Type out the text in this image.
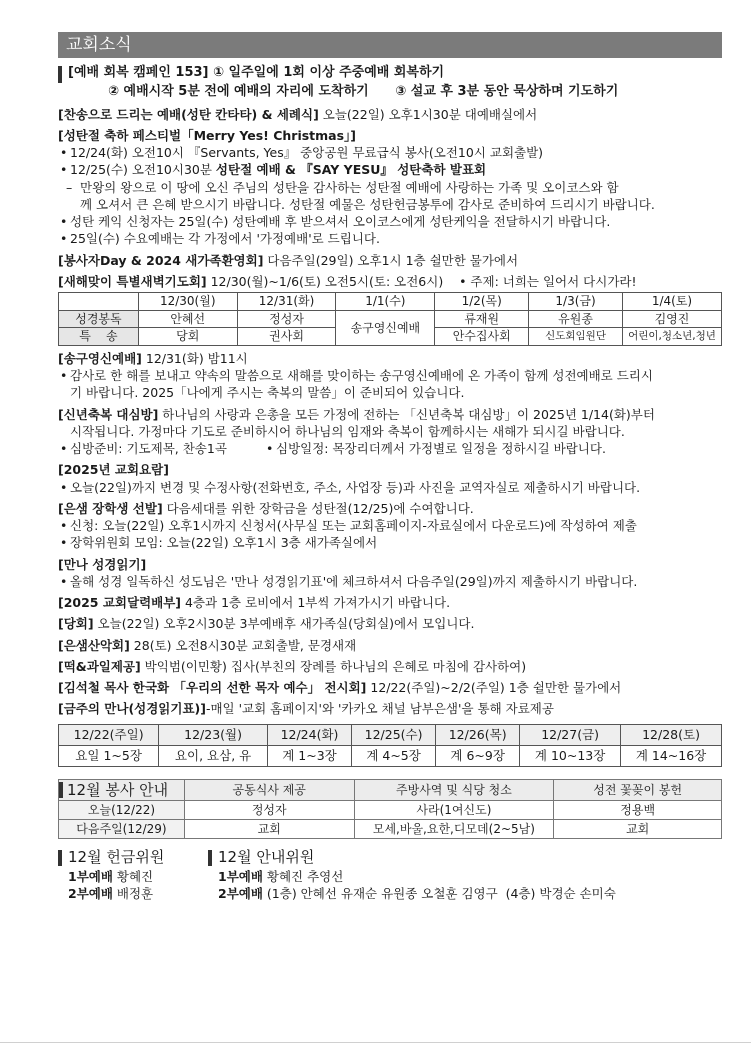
교회소식
[예배 회복 캠페인 153] ① 일주일에 1회 이상 주중예배 회복하기
② 예배시작 5분 전에 예배의 자리에 도착하기 ③ 설교 후 3분 동안 묵상하며 기도하기
[찬송으로 드리는 예배(성탄 칸타타) & 세례식] 오늘(22일) 오후1시30분 대예배실에서
[성탄절 축하 페스티벌「Merry Yes! Christmas」]
• 12/24(화) 오전10시 『Servants, Yes』 중앙공원 무료급식 봉사(오전10시 교회출발)
• 12/25(수) 오전10시30분 성탄절 예배 & 『SAY YESU』 성탄축하 발표회
– 만왕의 왕으로 이 땅에 오신 주님의 성탄을 감사하는 성탄절 예배에 사랑하는 가족 및 오이코스와 함
께 오셔서 큰 은혜 받으시기 바랍니다. 성탄절 예물은 성탄헌금봉투에 감사로 준비하여 드리시기 바랍니다.
• 성탄 케익 신청자는 25일(수) 성탄예배 후 받으셔서 오이코스에게 성탄케익을 전달하시기 바랍니다.
• 25일(수) 수요예배는 각 가정에서 '가정예배'로 드립니다.
[봉사자Day & 2024 새가족환영회] 다음주일(29일) 오후1시 1층 쉴만한 물가에서
[새해맞이 특별새벽기도회] 12/30(월)~1/6(토) 오전5시(토: 오전6시)    • 주제: 너희는 일어서 다시가라!
	12/30(월)	12/31(화)	1/1(수)	1/2(목)	1/3(금)	1/4(토)
성경봉독	안혜선	정성자	송구영신예배	류재원	유원종	김영진
특    송	당회	권사회		안수집사회	신도회임원단	어린이,청소년,청년
[송구영신예배] 12/31(화) 밤11시
• 감사로 한 해를 보내고 약속의 말씀으로 새해를 맞이하는 송구영신예배에 온 가족이 함께 성전예배로 드리시
기 바랍니다. 2025「나에게 주시는 축복의 말씀」이 준비되어 있습니다.
[신년축복 대심방] 하나님의 사랑과 은총을 모든 가정에 전하는 「신년축복 대심방」이 2025년 1/14(화)부터
시작됩니다. 가정마다 기도로 준비하시어 하나님의 임재와 축복이 함께하시는 새해가 되시길 바랍니다.
• 심방준비: 기도제목, 찬송1곡	• 심방일정: 목장리더께서 가정별로 일정을 정하시길 바랍니다.
[2025년 교회요람]
• 오늘(22일)까지 변경 및 수정사항(전화번호, 주소, 사업장 등)과 사진을 교역자실로 제출하시기 바랍니다.
[은샘 장학생 선발] 다음세대를 위한 장학금을 성탄절(12/25)에 수여합니다.
• 신청: 오늘(22일) 오후1시까지 신청서(사무실 또는 교회홈페이지-자료실에서 다운로드)에 작성하여 제출
• 장학위원회 모임: 오늘(22일) 오후1시 3층 새가족실에서
[만나 성경읽기]
• 올해 성경 일독하신 성도님은 '만나 성경읽기표'에 체크하셔서 다음주일(29일)까지 제출하시기 바랍니다.
[2025 교회달력배부] 4층과 1층 로비에서 1부씩 가져가시기 바랍니다.
[당회] 오늘(22일) 오후2시30분 3부예배후 새가족실(당회실)에서 모입니다.
[은샘산악회] 28(토) 오전8시30분 교회출발, 문경새재
[떡&과일제공] 박익범(이민황) 집사(부친의 장례를 하나님의 은혜로 마침에 감사하여)
[김석철 목사 한국화 「우리의 선한 목자 예수」 전시회] 12/22(주일)~2/2(주일) 1층 쉴만한 물가에서
[금주의 만나(성경읽기표)]-매일 '교회 홈페이지'와 '카카오 채널 남부은샘'을 통해 자료제공
12/22(주일)	12/23(월)	12/24(화)	12/25(수)	12/26(목)	12/27(금)	12/28(토)
요일 1~5장	요이, 요삼, 유	계 1~3장	계 4~5장	계 6~9장	계 10~13장	계 14~16장
12월 봉사 안내	공동식사 제공	주방사역 및 식당 청소	성전 꽃꽂이 봉헌
오늘(12/22)	정성자	사라(1여신도)	정용백
다음주일(12/29)	교회	모세,바울,요한,디모데(2~5남)	교회
12월 헌금위원
1부예배 황혜진
2부예배 배정훈
12월 안내위원
1부예배 황혜진 추영선
2부예배 (1층) 안혜선 유재순 유원종 오철훈 김영구  (4층) 박경순 손미숙
